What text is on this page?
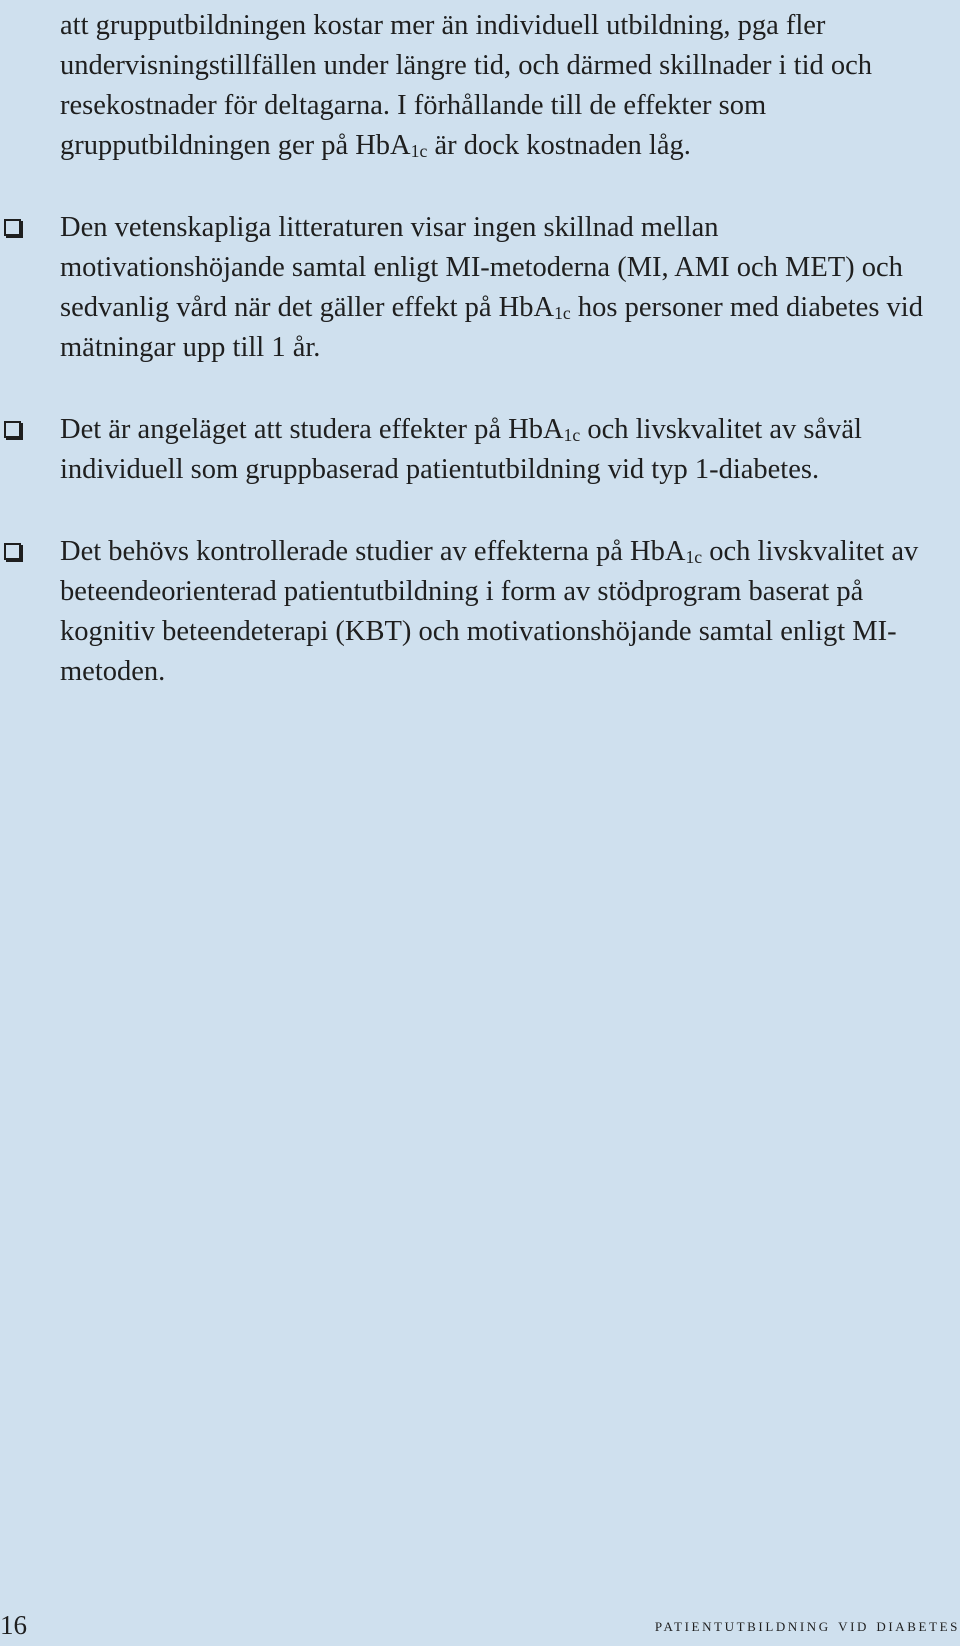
att grupputbildningen kostar mer än individuell utbildning, pga fler undervisningstillfällen under längre tid, och därmed skillnader i tid och resekostnader för deltagarna. I förhållande till de effekter som grupputbildningen ger på HbA$_{1c}$ är dock kostnaden låg.

Den vetenskapliga litteraturen visar ingen skillnad mellan motivationshöjande samtal enligt MI-metoderna (MI, AMI och MET) och sedvanlig vård när det gäller effekt på HbA$_{1c}$ hos personer med diabetes vid mätningar upp till 1 år.
Det är angeläget att studera effekter på HbA$_{1c}$ och livskvalitet av såväl individuell som gruppbaserad patientutbildning vid typ 1-diabetes.
Det behövs kontrollerade studier av effekterna på HbA$_{1c}$ och livskvalitet av beteendeorienterad patientutbildning i form av stödprogram baserat på kognitiv beteendeterapi (KBT) och motivationshöjande samtal enligt MI-metoden.
16	patientutbildning vid diabetes
